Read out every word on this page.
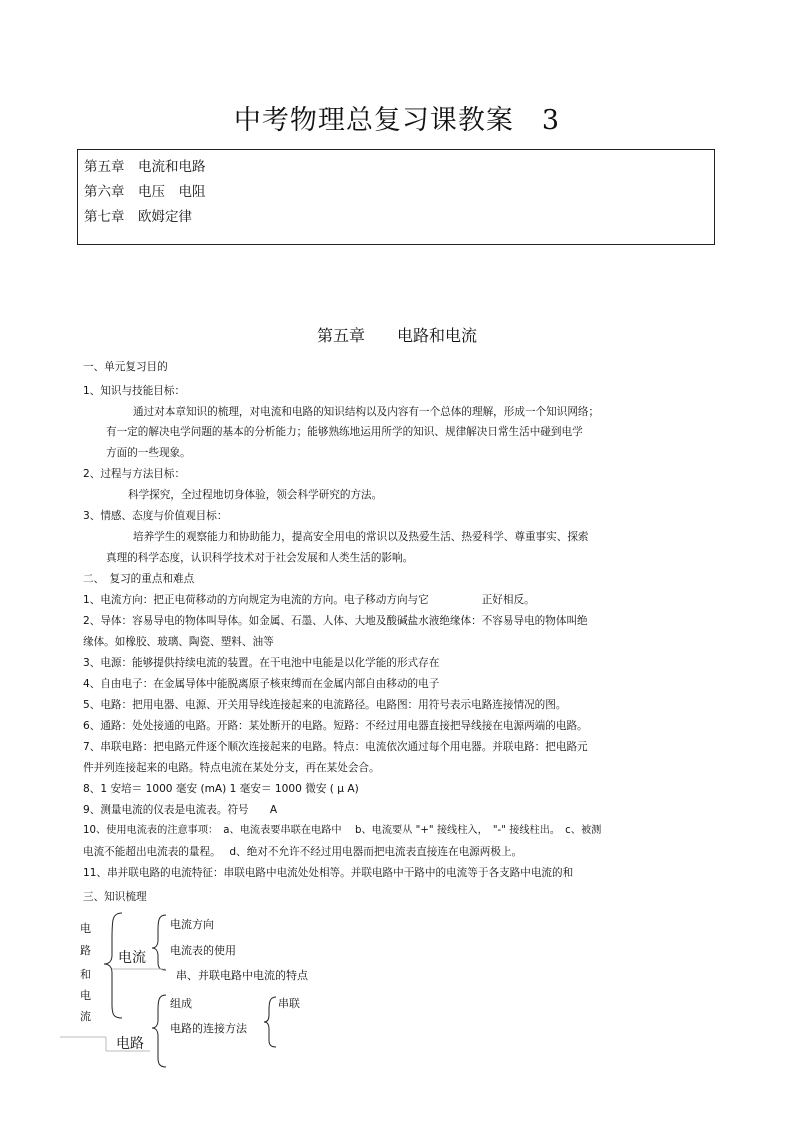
中考物理总复习课教案　3
第五章　电流和电路
第六章　电压　电阻
第七章　欧姆定律
第五章　　电路和电流
一、单元复习目的
1、知识与技能目标：
通过对本章知识的梳理，对电流和电路的知识结构以及内容有一个总体的理解，形成一个知识网络；
有一定的解决电学问题的基本的分析能力；能够熟练地运用所学的知识、规律解决日常生活中碰到电学
方面的一些现象。
2、过程与方法目标：
科学探究，全过程地切身体验，领会科学研究的方法。
3、情感、态度与价值观目标：
培养学生的观察能力和协助能力，提高安全用电的常识以及热爱生活、热爱科学、尊重事实、探索
真理的科学态度，认识科学技术对于社会发展和人类生活的影响。
二、　复习的重点和难点
1、电流方向：把正电荷移动的方向规定为电流的方向。电子移动方向与它　　　　　正好相反。
2、导体：容易导电的物体叫导体。如金属、石墨、人体、大地及酸碱盐水液绝缘体：不容易导电的物体叫绝
缘体。如橡胶、玻璃、陶瓷、塑料、油等
3、电源：能够提供持续电流的装置。在干电池中电能是以化学能的形式存在
4、自由电子：在金属导体中能脱离原子核束缚而在金属内部自由移动的电子
5、电路：把用电器、电源、开关用导线连接起来的电流路径。电路图：用符号表示电路连接情况的图。
6、通路：处处接通的电路。开路：某处断开的电路。短路：不经过用电器直接把导线接在电源两端的电路。
7、串联电路：把电路元件逐个顺次连接起来的电路。特点：电流依次通过每个用电器。并联电路：把电路元
件并列连接起来的电路。特点电流在某处分支，再在某处会合。
8、1 安培＝ 1000 毫安 (mA) 1 毫安＝ 1000 微安 ( μ A)
9、测量电流的仪表是电流表。符号　　A
10、使用电流表的注意事项：　a、电流表要串联在电路中　 b、电流要从 "+" 接线柱入，　"-" 接线柱出。　c、被测
电流不能超出电流表的量程。　 d、绝对不允许不经过用电器而把电流表直接连在电源两极上。
11、串并联电路的电流特征：串联电路中电流处处相等。并联电路中干路中的电流等于各支路中电流的和
三、知识梳理
电
路
和
电
流
电流
电流方向
电流表的使用
串、并联电路中电流的特点
电路
组成
电路的连接方法
串联
